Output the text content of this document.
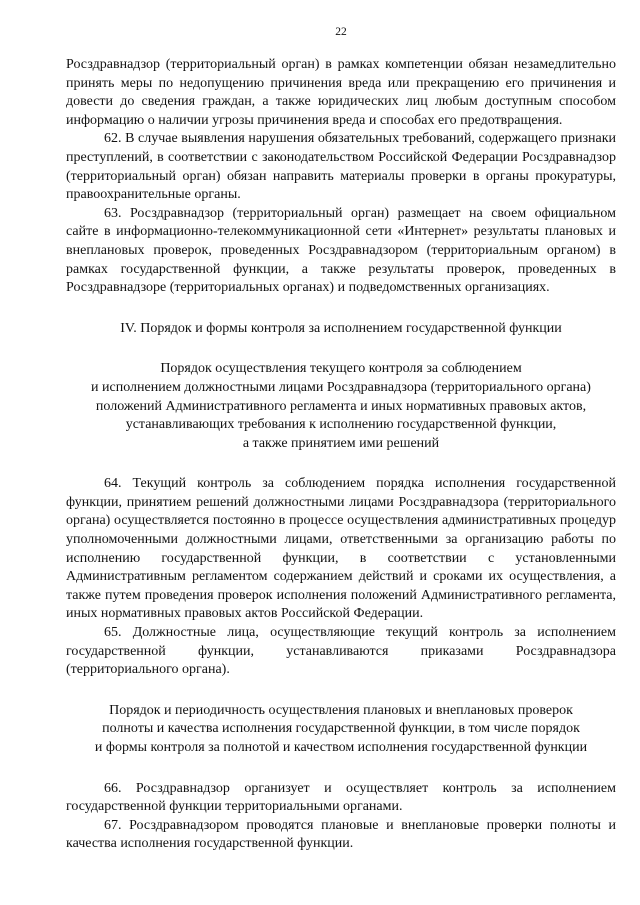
22

Росздравнадзор (территориальный орган) в рамках компетенции обязан незамедлительно принять меры по недопущению причинения вреда или прекращению его причинения и довести до сведения граждан, а также юридических лиц любым доступным способом информацию о наличии угрозы причинения вреда и способах его предотвращения.

62. В случае выявления нарушения обязательных требований, содержащего признаки преступлений, в соответствии с законодательством Российской Федерации Росздравнадзор (территориальный орган) обязан направить материалы проверки в органы прокуратуры, правоохранительные органы.

63. Росздравнадзор (территориальный орган) размещает на своем официальном сайте в информационно-телекоммуникационной сети «Интернет» результаты плановых и внеплановых проверок, проведенных Росздравнадзором (территориальным органом) в рамках государственной функции, а также результаты проверок, проведенных в Росздравнадзоре (территориальных органах) и подведомственных организациях.

IV. Порядок и формы контроля за исполнением государственной функции

Порядок осуществления текущего контроля за соблюдением
и исполнением должностными лицами Росздравнадзора (территориального органа)
положений Административного регламента и иных нормативных правовых актов,
устанавливающих требования к исполнению государственной функции,
а также принятием ими решений

64. Текущий контроль за соблюдением порядка исполнения государственной функции, принятием решений должностными лицами Росздравнадзора (территориального органа) осуществляется постоянно в процессе осуществления административных процедур уполномоченными должностными лицами, ответственными за организацию работы по исполнению государственной функции, в соответствии с установленными Административным регламентом содержанием действий и сроками их осуществления, а также путем проведения проверок исполнения положений Административного регламента, иных нормативных правовых актов Российской Федерации.

65. Должностные лица, осуществляющие текущий контроль за исполнением государственной функции, устанавливаются приказами Росздравнадзора (территориального органа).

Порядок и периодичность осуществления плановых и внеплановых проверок
полноты и качества исполнения государственной функции, в том числе порядок
и формы контроля за полнотой и качеством исполнения государственной функции

66. Росздравнадзор организует и осуществляет контроль за исполнением государственной функции территориальными органами.

67. Росздравнадзором проводятся плановые и внеплановые проверки полноты и качества исполнения государственной функции.
